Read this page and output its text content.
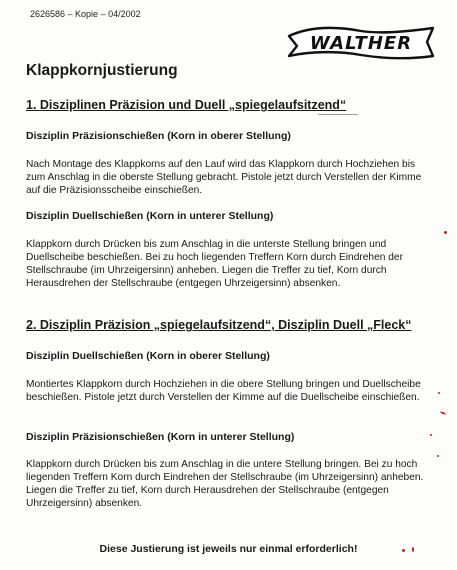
2626586 – Kopie – 04/2002
WALTHER
Klappkornjustierung
1. Disziplinen Präzision und Duell „spiegelaufsitzend“
Disziplin Präzisionschießen (Korn in oberer Stellung)

Nach Montage des Klappkorns auf den Lauf wird das Klappkorn durch Hochziehen bis zum Anschlag in die oberste Stellung gebracht. Pistole jetzt durch Verstellen der Kimme auf die Präzisionsscheibe einschießen.

Disziplin Duellschießen (Korn in unterer Stellung)

Klappkorn durch Drücken bis zum Anschlag in die unterste Stellung bringen und Duellscheibe beschießen. Bei zu hoch liegenden Treffern Korn durch Eindrehen der Stellschraube (im Uhrzeigersinn) anheben. Liegen die Treffer zu tief, Korn durch Herausdrehen der Stellschraube (entgegen Uhrzeigersinn) absenken.

2. Disziplin Präzision „spiegelaufsitzend“, Disziplin Duell „Fleck“
Disziplin Duellschießen (Korn in oberer Stellung)

Montiertes Klappkorn durch Hochziehen in die obere Stellung bringen und Duellscheibe beschießen. Pistole jetzt durch Verstellen der Kimme auf die Duellscheibe einschießen.

Disziplin Präzisionschießen (Korn in unterer Stellung)

Klappkorn durch Drücken bis zum Anschlag in die untere Stellung bringen. Bei zu hoch liegenden Treffern Korn durch Eindrehen der Stellschraube (im Uhrzeigersinn) anheben. Liegen die Treffer zu tief, Korn durch Herausdrehen der Stellschraube (entgegen Uhrzeigersinn) absenken.

Diese Justierung ist jeweils nur einmal erforderlich!
